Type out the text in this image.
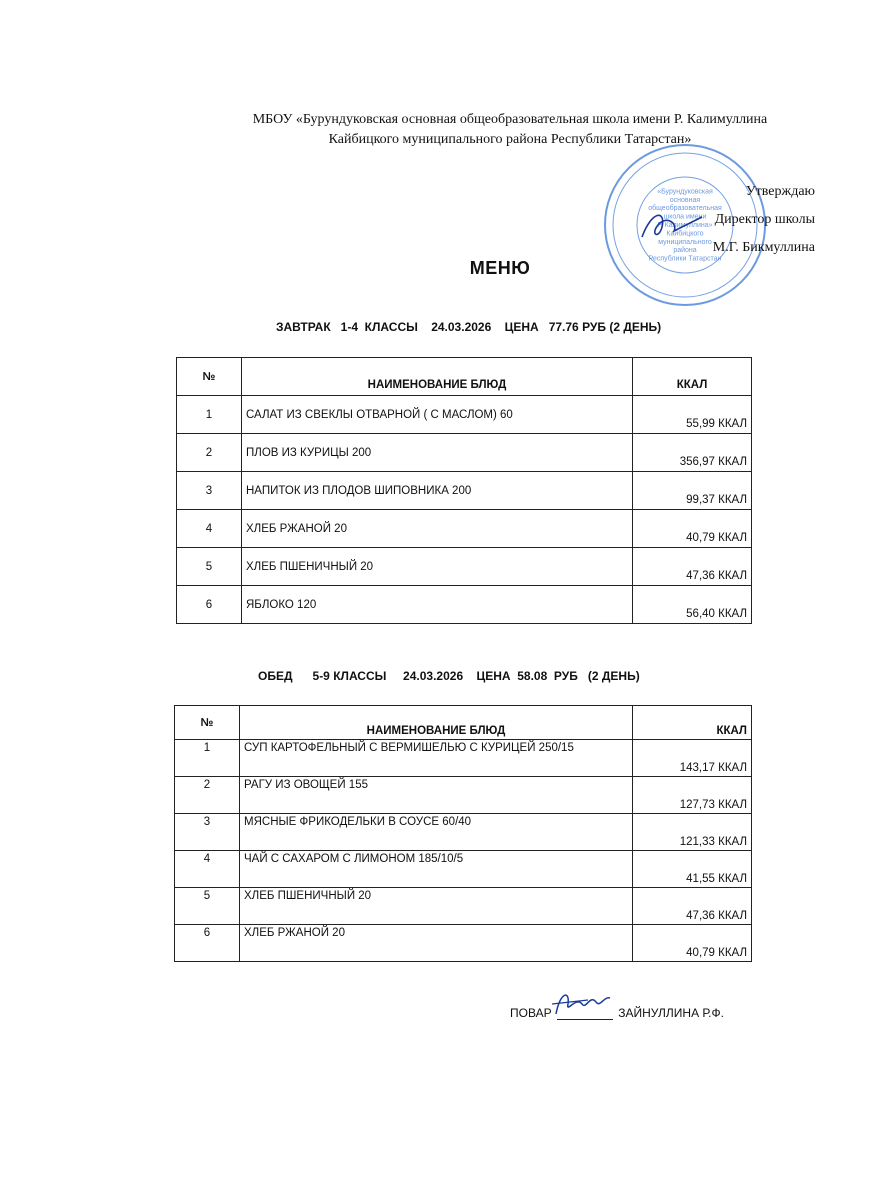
МБОУ «Бурундуковская основная общеобразовательная школа имени Р. Калимуллина
Кайбицкого муниципального района Республики Татарстан»
«Бурундуковская
основная
общеобразовательная
школа имени
Р. Калимуллина»
Кайбицкого
муниципального
района
Республики Татарстан
Утверждаю
Директор школы
М.Г. Бикмуллина
МЕНЮ
ЗАВТРАК   1-4  КЛАССЫ    24.03.2026    ЦЕНА   77.76 РУБ (2 ДЕНЬ)
№	НАИМЕНОВАНИЕ БЛЮД	ККАЛ
1	САЛАТ ИЗ СВЕКЛЫ ОТВАРНОЙ ( С МАСЛОМ) 60	55,99 ККАЛ
2	ПЛОВ ИЗ КУРИЦЫ 200	356,97 ККАЛ
3	НАПИТОК ИЗ ПЛОДОВ ШИПОВНИКА 200	99,37 ККАЛ
4	ХЛЕБ РЖАНОЙ 20	40,79 ККАЛ
5	ХЛЕБ ПШЕНИЧНЫЙ 20	47,36 ККАЛ
6	ЯБЛОКО 120	56,40 ККАЛ
ОБЕД      5-9 КЛАССЫ     24.03.2026    ЦЕНА  58.08  РУБ   (2 ДЕНЬ)
№	НАИМЕНОВАНИЕ БЛЮД	ККАЛ
1	СУП КАРТОФЕЛЬНЫЙ С ВЕРМИШЕЛЬЮ С КУРИЦЕЙ 250/15	143,17 ККАЛ
2	РАГУ ИЗ ОВОЩЕЙ 155	127,73 ККАЛ
3	МЯСНЫЕ ФРИКОДЕЛЬКИ В СОУСЕ 60/40	121,33 ККАЛ
4	ЧАЙ С САХАРОМ С ЛИМОНОМ 185/10/5	41,55 ККАЛ
5	ХЛЕБ ПШЕНИЧНЫЙ 20	47,36 ККАЛ
6	ХЛЕБ РЖАНОЙ 20	40,79 ККАЛ
ПОВАР	ЗАЙНУЛЛИНА Р.Ф.
